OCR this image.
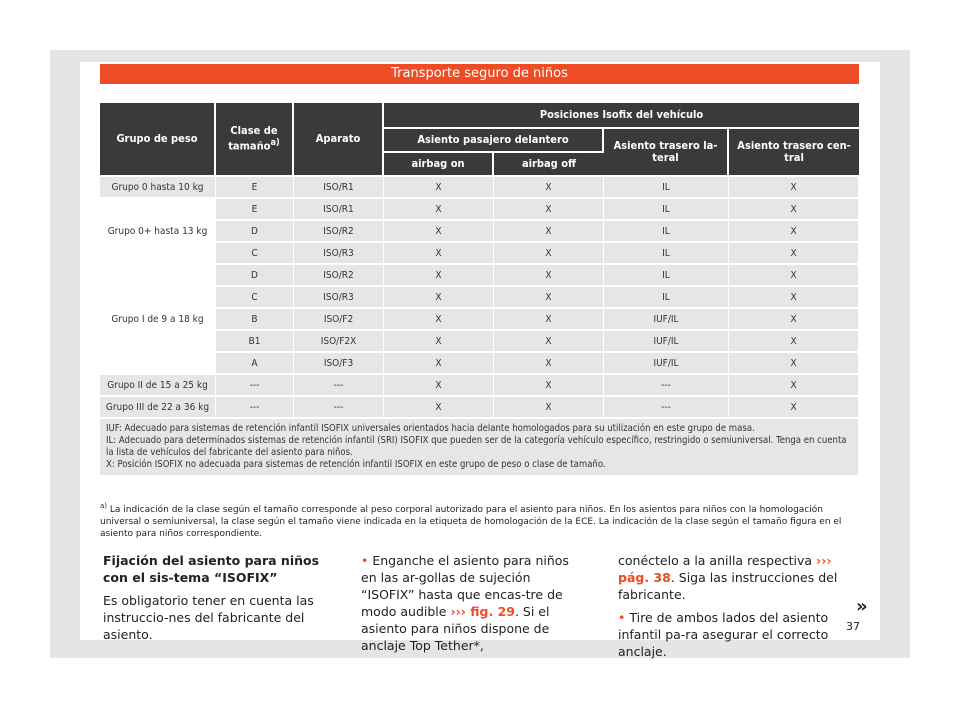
Transporte seguro de niños
Grupo de peso	Clase de tamaño$^{a)}$	Aparato	Posiciones Isofix del vehículo			
			Asiento pasajero delantero		Asiento trasero la-teral	Asiento trasero cen-tral
			airbag on	airbag off		
Grupo 0 hasta 10 kg	E	ISO/R1	X	X	IL	X
Grupo 0+ hasta 13 kg	E	ISO/R1	X	X	IL	X
	D	ISO/R2	X	X	IL	X
	C	ISO/R3	X	X	IL	X
Grupo I de 9 a 18 kg	D	ISO/R2	X	X	IL	X
	C	ISO/R3	X	X	IL	X
	B	ISO/F2	X	X	IUF/IL	X
	B1	ISO/F2X	X	X	IUF/IL	X
	A	ISO/F3	X	X	IUF/IL	X
Grupo II de 15 a 25 kg	---	---	X	X	---	X
Grupo III de 22 a 36 kg	---	---	X	X	---	X

IUF: Adecuado para sistemas de retención infantil ISOFIX universales orientados hacia delante homologados para su utilización en este grupo de masa.
IL: Adecuado para determinados sistemas de retención infantil (SRI) ISOFIX que pueden ser de la categoría vehículo específico, restringido o semiuniversal. Tenga en cuenta la lista de vehículos del fabricante del asiento para niños.
X: Posición ISOFIX no adecuada para sistemas de retención infantil ISOFIX en este grupo de peso o clase de tamaño.						
$^{a)}$ La indicación de la clase según el tamaño corresponde al peso corporal autorizado para el asiento para niños. En los asientos para niños con la homologación universal o semiuniversal, la clase según el tamaño viene indicada en la etiqueta de homologación de la ECE. La indicación de la clase según el tamaño figura en el asiento para niños correspondiente.
Fijación del asiento para niños con el sis-tema “ISOFIX”

Es obligatorio tener en cuenta las instruccio-nes del fabricante del asiento.

• Enganche el asiento para niños en las ar-gollas de sujeción “ISOFIX” hasta que encas-tre de modo audible ››› fig. 29. Si el asiento para niños dispone de anclaje Top Tether*,

conéctelo a la anilla respectiva ››› pág. 38. Siga las instrucciones del fabricante.

• Tire de ambos lados del asiento infantil pa-ra asegurar el correcto anclaje.

»
37
